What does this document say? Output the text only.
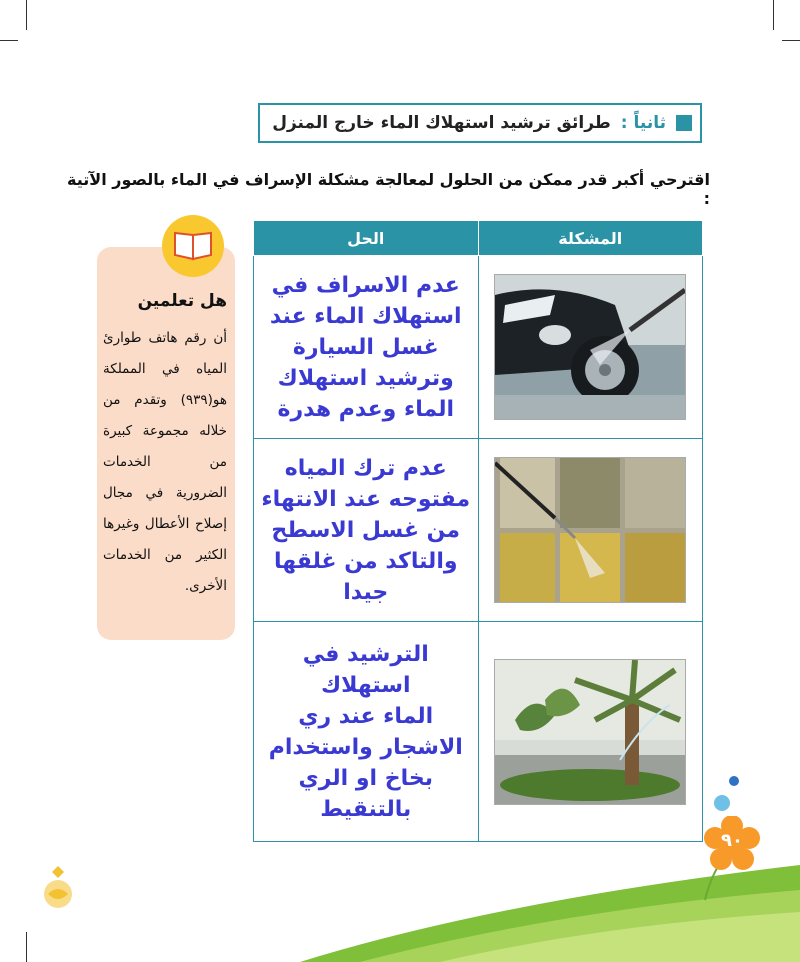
ثانياً :
طرائق ترشيد استهلاك الماء خارج المنزل
اقترحي أكبر قدر ممكن من الحلول لمعالجة مشكلة الإسراف في الماء بالصور الآتية :
المشكلة	الحل

عدم الاسراف في
استهلاك الماء عند
غسل السيارة
وترشيد استهلاك
الماء وعدم هدرة

عدم ترك المياه
مفتوحه عند الانتهاء
من غسل الاسطح
والتاكد من غلقها جيدا

الترشيد في استهلاك
الماء عند ري
الاشجار واستخدام
بخاخ او الري
بالتنقيط
هل تعلمين
أن رقم هاتف طوارئ المياه في المملكة هو(٩٣٩) وتقدم من خلاله مجموعة كبيرة من الخدمات الضرورية في مجال إصلاح الأعطال وغيرها الكثير من الخدمات الأخرى.
٩٠
